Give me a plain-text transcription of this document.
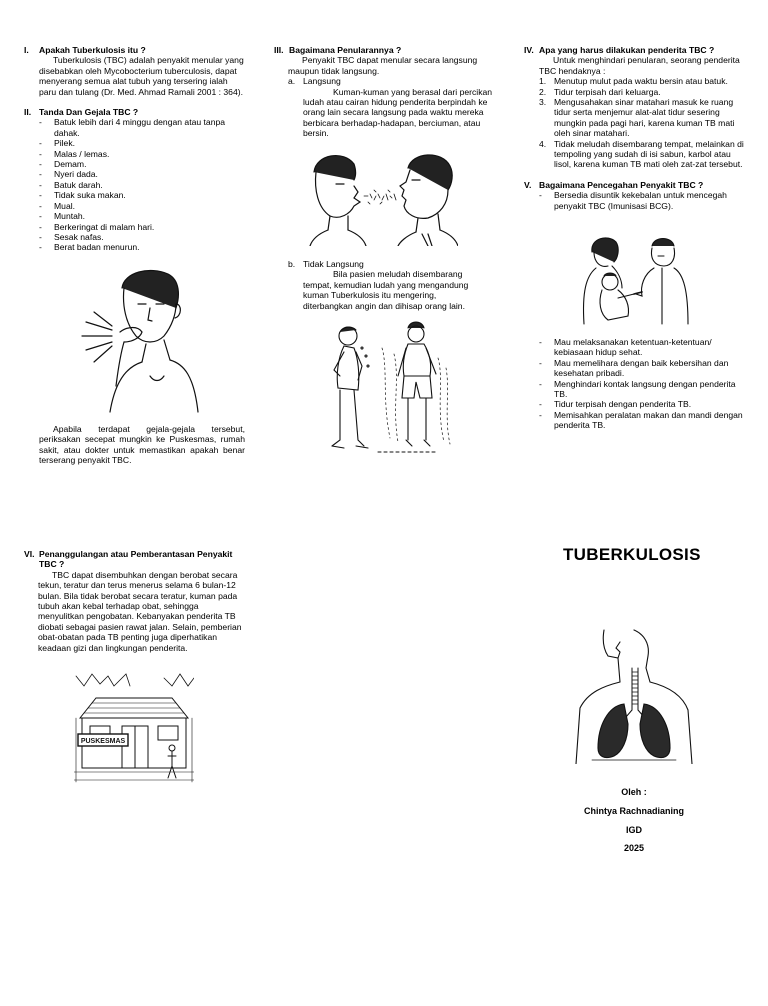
I.	Apakah Tuberkulosis itu ?
Tuberkulosis (TBC) adalah penyakit menular yang disebabkan oleh Mycobocterium tuberculosis, dapat menyerang semua alat tubuh yang tersering ialah paru dan tulang (Dr. Med. Ahmad Ramali 2001 : 364).
II. Tanda Dan Gejala TBC ?
-	Batuk lebih dari 4 minggu dengan atau tanpa dahak.
-	Pilek.
-	Malas / lemas.
-	Demam.
-	Nyeri dada.
-	Batuk darah.
-	Tidak suka makan.
-	Mual.
-	Muntah.
-	Berkeringat di malam hari.
-	Sesak nafas.
-	Berat badan menurun.
Apabila terdapat gejala-gejala tersebut, periksakan secepat mungkin ke Puskesmas, rumah sakit, atau dokter untuk memastikan apakah benar terserang penyakit TBC.
III. Bagaimana Penularannya ?
Penyakit TBC dapat menular secara langsung maupun tidak langsung.
a. Langsung
Kuman-kuman yang berasal dari percikan ludah atau cairan hidung penderita berpindah ke orang lain secara langsung pada waktu mereka berbicara berhadap-hadapan, berciuman, atau bersin.
b. Tidak Langsung
Bila pasien meludah disembarang tempat, kemudian ludah yang mengandung kuman Tuberkulosis itu mengering, diterbangkan angin dan dihisap orang lain.
IV. Apa yang harus dilakukan penderita TBC ?
Untuk menghindari penularan, seorang penderita TBC hendaknya :
1. Menutup mulut pada waktu bersin atau batuk.
2. Tidur terpisah dari keluarga.
3. Mengusahakan sinar matahari masuk ke ruang tidur serta menjemur alat-alat tidur sesering mungkin pada pagi hari, karena kuman TB mati oleh sinar matahari.
4. Tidak meludah disembarang tempat, melainkan di tempoling yang sudah di isi sabun, karbol atau lisol, karena kuman TB mati oleh zat-zat tersebut.
V. Bagaimana Pencegahan Penyakit TBC ?
-	Bersedia disuntik kekebalan untuk mencegah penyakit TBC (Imunisasi BCG).
-	Mau melaksanakan ketentuan-ketentuan/ kebiasaan hidup sehat.
-	Mau memelihara dengan baik kebersihan dan kesehatan pribadi.
-	Menghindari kontak langsung dengan penderita TB.
-	Tidur terpisah dengan penderita TB.
-	Memisahkan peralatan makan dan mandi dengan penderita TB.
VI. Penanggulangan atau Pemberantasan Penyakit TBC ?
TBC dapat disembuhkan dengan berobat secara tekun, teratur dan terus menerus selama 6 bulan-12 bulan. Bila tidak berobat secara teratur, kuman pada tubuh akan kebal terhadap obat, sehingga menyulitkan pengobatan. Kebanyakan penderita TB diobati sebagai pasien rawat jalan. Selain, pemberian obat-obatan pada TB penting juga diperhatikan keadaan gizi dan lingkungan penderita.
PUSKESMAS
TUBERKULOSIS
Oleh :
Chintya Rachnadianing
IGD
2025
